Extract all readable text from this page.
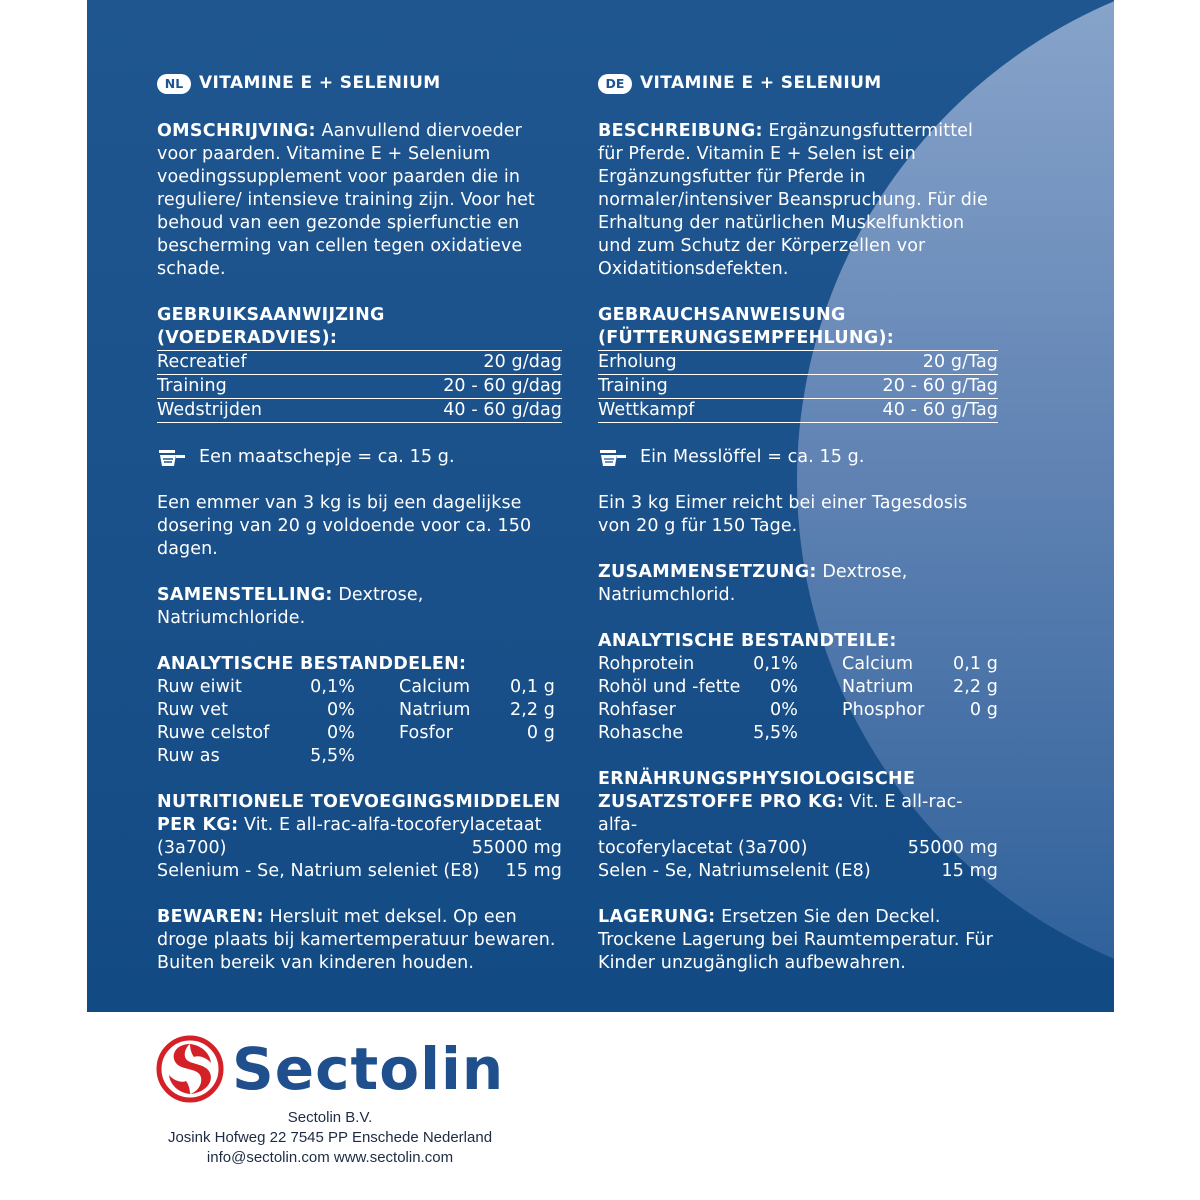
NL VITAMINE E + SELENIUM
OMSCHRIJVING: Aanvullend diervoeder voor paarden. Vitamine E + Selenium voedingssupplement voor paarden die in reguliere/ intensieve training zijn. Voor het behoud van een gezonde spierfunctie en bescherming van cellen tegen oxidatieve schade.
GEBRUIKSAANWIJZING (VOEDERADVIES):
Recreatief	20 g/dag
Training	20 - 60 g/dag
Wedstrijden	40 - 60 g/dag
Een maatschepje = ca. 15 g.
Een emmer van 3 kg is bij een dagelijkse dosering van 20 g voldoende voor ca. 150 dagen.
SAMENSTELLING: Dextrose, Natriumchloride.
ANALYTISCHE BESTANDDELEN:
Ruw eiwit	0,1%		Calcium	0,1 g
Ruw vet	0%		Natrium	2,2 g
Ruwe celstof	0%		Fosfor	0 g
Ruw as	5,5%			
NUTRITIONELE TOEVOEGINGSMIDDELEN
PER KG: Vit. E all-rac-alfa-tocoferylacetaat
(3a700)	55000 mg
Selenium - Se, Natrium seleniet (E8) 15 mg
BEWAREN: Hersluit met deksel. Op een droge plaats bij kamertemperatuur bewaren. Buiten bereik van kinderen houden.
DE VITAMINE E + SELENIUM
BESCHREIBUNG: Ergänzungsfuttermittel für Pferde. Vitamin E + Selen ist ein Ergänzungsfutter für Pferde in normaler/intensiver Beanspruchung. Für die Erhaltung der natürlichen Muskelfunktion und zum Schutz der Körperzellen vor Oxidatitionsdefekten.
GEBRAUCHSANWEISUNG
(FÜTTERUNGSEMPFEHLUNG):
Erholung	20 g/Tag
Training	20 - 60 g/Tag
Wettkampf	40 - 60 g/Tag
Ein Messlöffel = ca. 15 g.
Ein 3 kg Eimer reicht bei einer Tagesdosis von 20 g für 150 Tage.
ZUSAMMENSETZUNG: Dextrose, Natriumchlorid.
ANALYTISCHE BESTANDTEILE:
Rohprotein	0,1%		Calcium	0,1 g
Rohöl und -fette	0%		Natrium	2,2 g
Rohfaser	0%		Phosphor	0 g
Rohasche	5,5%			
ERNÄHRUNGSPHYSIOLOGISCHE
ZUSATZSTOFFE PRO KG: Vit. E all-rac-alfa-
tocoferylacetat (3a700)	55000 mg
Selen - Se, Natriumselenit (E8)	15 mg
LAGERUNG: Ersetzen Sie den Deckel. Trockene Lagerung bei Raumtemperatur. Für Kinder unzugänglich aufbewahren.
Sectolin
Sectolin B.V.
Josink Hofweg 22 7545 PP Enschede Nederland
info@sectolin.com www.sectolin.com
